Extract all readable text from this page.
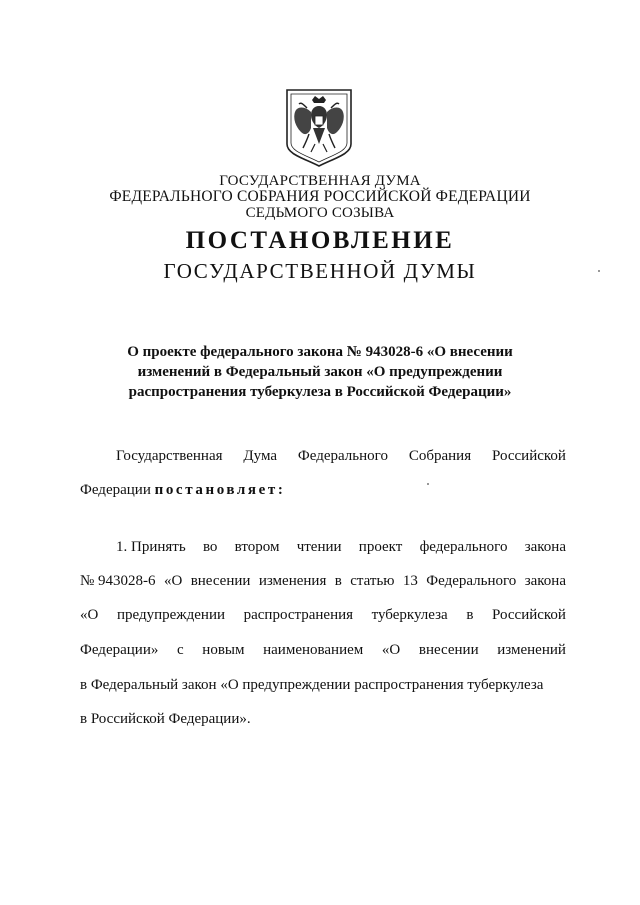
ГОСУДАРСТВЕННАЯ ДУМА
ФЕДЕРАЛЬНОГО СОБРАНИЯ РОССИЙСКОЙ ФЕДЕРАЦИИ
СЕДЬМОГО СОЗЫВА
ПОСТАНОВЛЕНИЕ
ГОСУДАРСТВЕННОЙ ДУМЫ
О проекте федерального закона № 943028-6 «О внесении
изменений в Федеральный закон «О предупреждении
распространения туберкулеза в Российской Федерации»
Государственная Дума Федерального Собрания Российской
Федерации постановляет:
1. Принять во втором чтении проект федерального закона
№ 943028-6 «О внесении изменения в статью 13 Федерального закона
«О предупреждении распространения туберкулеза в Российской
Федерации» с новым наименованием «О внесении изменений
в Федеральный закон «О предупреждении распространения туберкулеза
в Российской Федерации».
